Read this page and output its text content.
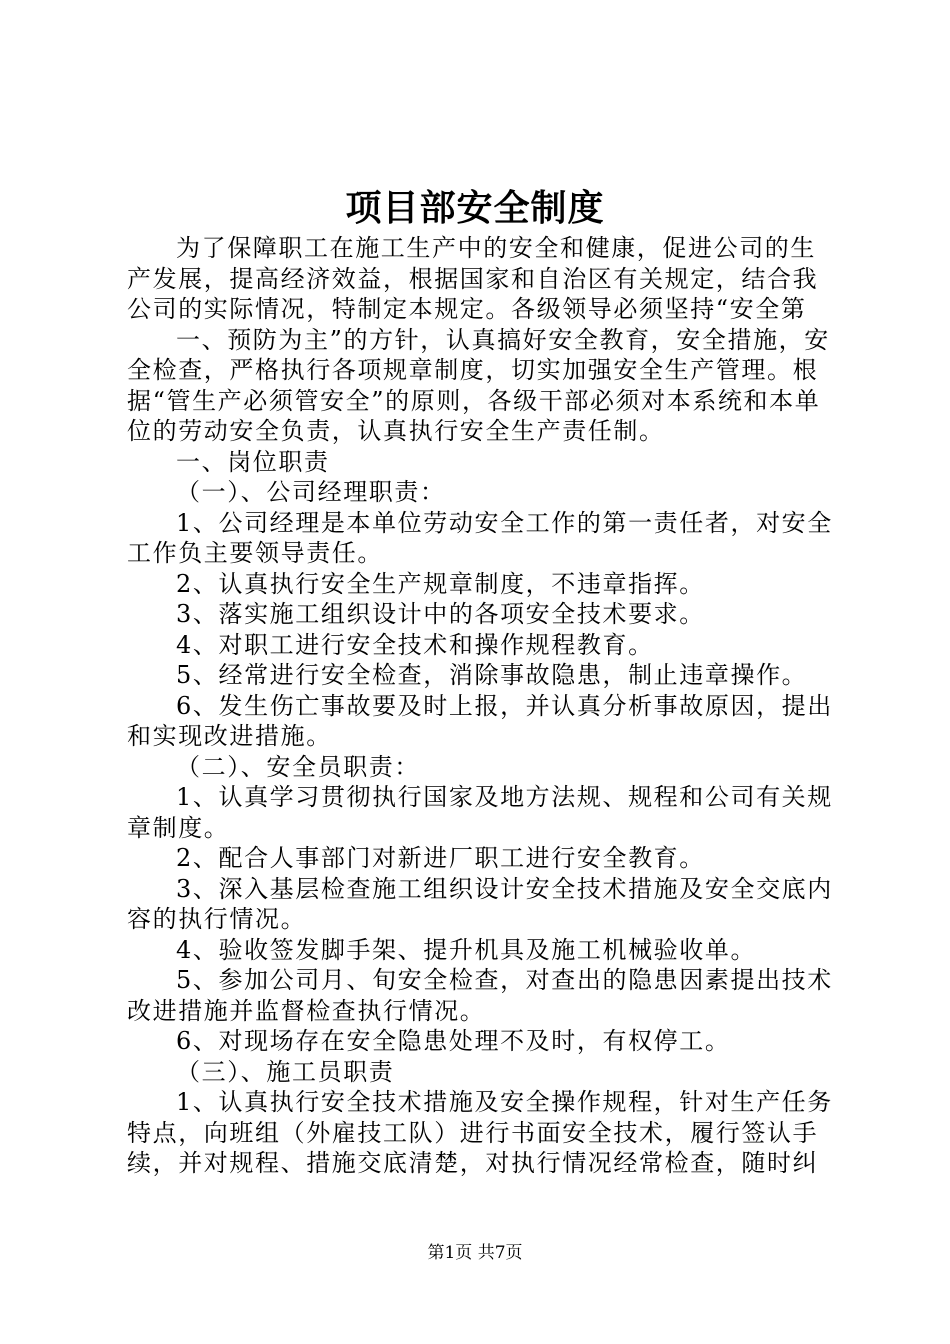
项目部安全制度

为了保障职工在施工生产中的安全和健康，促进公司的生产发展，提高经济效益，根据国家和自治区有关规定，结合我公司的实际情况，特制定本规定。各级领导必须坚持“安全第

一、预防为主”的方针，认真搞好安全教育，安全措施，安全检查，严格执行各项规章制度，切实加强安全生产管理。根据“管生产必须管安全”的原则，各级干部必须对本系统和本单位的劳动安全负责，认真执行安全生产责任制。

一、岗位职责

（一）、公司经理职责：

1、公司经理是本单位劳动安全工作的第一责任者，对安全工作负主要领导责任。

2、认真执行安全生产规章制度，不违章指挥。

3、落实施工组织设计中的各项安全技术要求。

4、对职工进行安全技术和操作规程教育。

5、经常进行安全检查，消除事故隐患，制止违章操作。

6、发生伤亡事故要及时上报，并认真分析事故原因，提出和实现改进措施。

（二）、安全员职责：

1、认真学习贯彻执行国家及地方法规、规程和公司有关规章制度。

2、配合人事部门对新进厂职工进行安全教育。

3、深入基层检查施工组织设计安全技术措施及安全交底内容的执行情况。

4、验收签发脚手架、提升机具及施工机械验收单。

5、参加公司月、旬安全检查，对查出的隐患因素提出技术改进措施并监督检查执行情况。

6、对现场存在安全隐患处理不及时，有权停工。

（三）、施工员职责

1、认真执行安全技术措施及安全操作规程，针对生产任务特点，向班组（外雇技工队）进行书面安全技术，履行签认手续，并对规程、措施交底清楚，对执行情况经常检查，随时纠

第1页 共7页
